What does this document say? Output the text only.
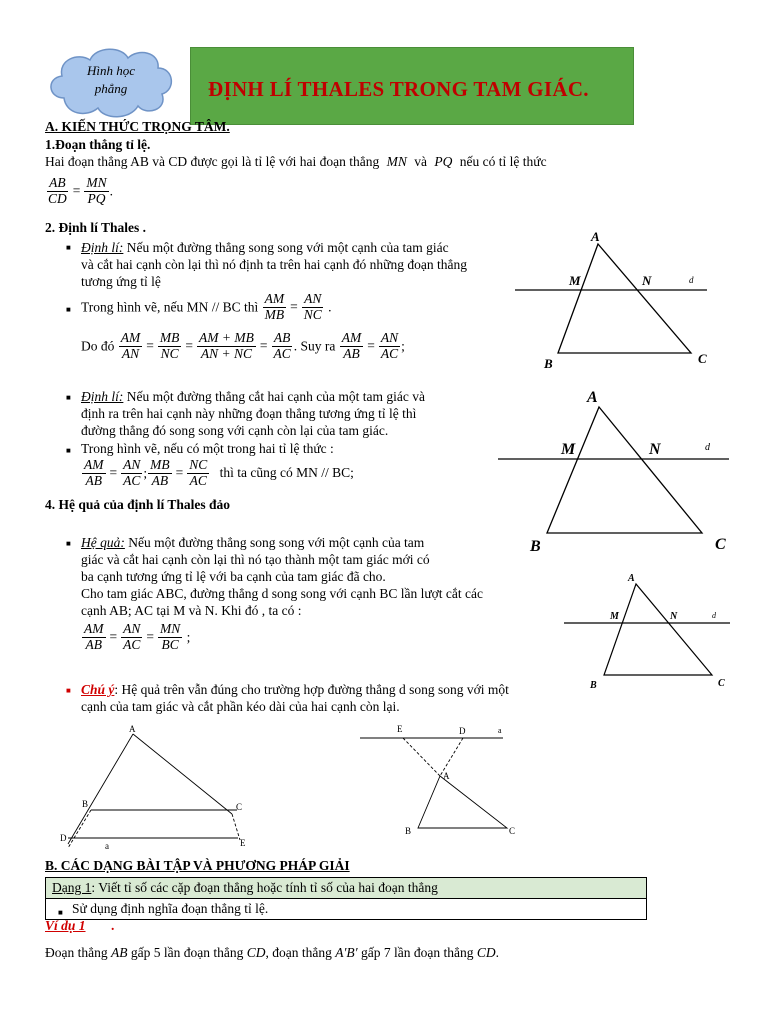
Hình học
phẳng	ĐỊNH LÍ THALES TRONG TAM GIÁC.
A. KIẾN THỨC TRỌNG TÂM.
1.Đoạn thẳng tỉ lệ.
Hai đoạn thẳng AB và CD được gọi là tỉ lệ với hai đoạn thẳng MN và PQ nếu có tỉ lệ thức
$\frac{AB}{CD} = \frac{MN}{PQ}$ .
2. Định lí Thales .
■ Định lí: Nếu một đường thẳng song song với một cạnh của tam giác
và cắt hai cạnh còn lại thì nó định ta trên hai cạnh đó những đoạn thẳng
tương ứng tỉ lệ
■ Trong hình vẽ, nếu MN // BC thì $\frac{AM}{MB} = \frac{AN}{NC}$ .
Do đó $\frac{AM}{AN} = \frac{MB}{NC} = \frac{AM + MB}{AN + NC} = \frac{AB}{AC}$ . Suy ra $\frac{AM}{AB} = \frac{AN}{AC}$ ;
■ Định lí: Nếu một đường thẳng cắt hai cạnh của một tam giác và
định ra trên hai cạnh này những đoạn thẳng tương ứng tỉ lệ thì
đường thẳng đó song song với cạnh còn lại của tam giác.
■ Trong hình vẽ, nếu có một trong hai tỉ lệ thức :
$\frac{AM}{AB} = \frac{AN}{AC}$ ; $\frac{MB}{AB} = \frac{NC}{AC}$ thì ta cũng có MN // BC;
4. Hệ quả của định lí Thales đảo
■ Hệ quả: Nếu một đường thẳng song song với một cạnh của tam
giác và cắt hai cạnh còn lại thì nó tạo thành một tam giác mới có
ba cạnh tương ứng tỉ lệ với ba cạnh của tam giác đã cho.
Cho tam giác ABC, đường thẳng d song song với cạnh BC lần lượt cắt các
cạnh AB; AC tại M và N. Khi đó , ta có :
$\frac{AM}{AB} = \frac{AN}{AC} = \frac{MN}{BC}$ ;
■ Chú ý: Hệ quả trên vẫn đúng cho trường hợp đường thẳng d song song với một
cạnh của tam giác và cắt phần kéo dài của hai cạnh còn lại.
A
M	N	d
B	C
A
M	N	d
B	C
A
M	N	d
B	C
A
B	C
D	E
a
E	D	a
A
B	C
B. CÁC DẠNG BÀI TẬP VÀ PHƯƠNG PHÁP GIẢI
Dạng 1: Viết tỉ số các cặp đoạn thẳng hoặc tính tỉ số của hai đoạn thẳng
■ Sử dụng định nghĩa đoạn thẳng tỉ lệ.
Ví dụ 1 .
Đoạn thẳng AB gấp 5 lần đoạn thẳng CD, đoạn thẳng A′B′ gấp 7 lần đoạn thẳng CD.
